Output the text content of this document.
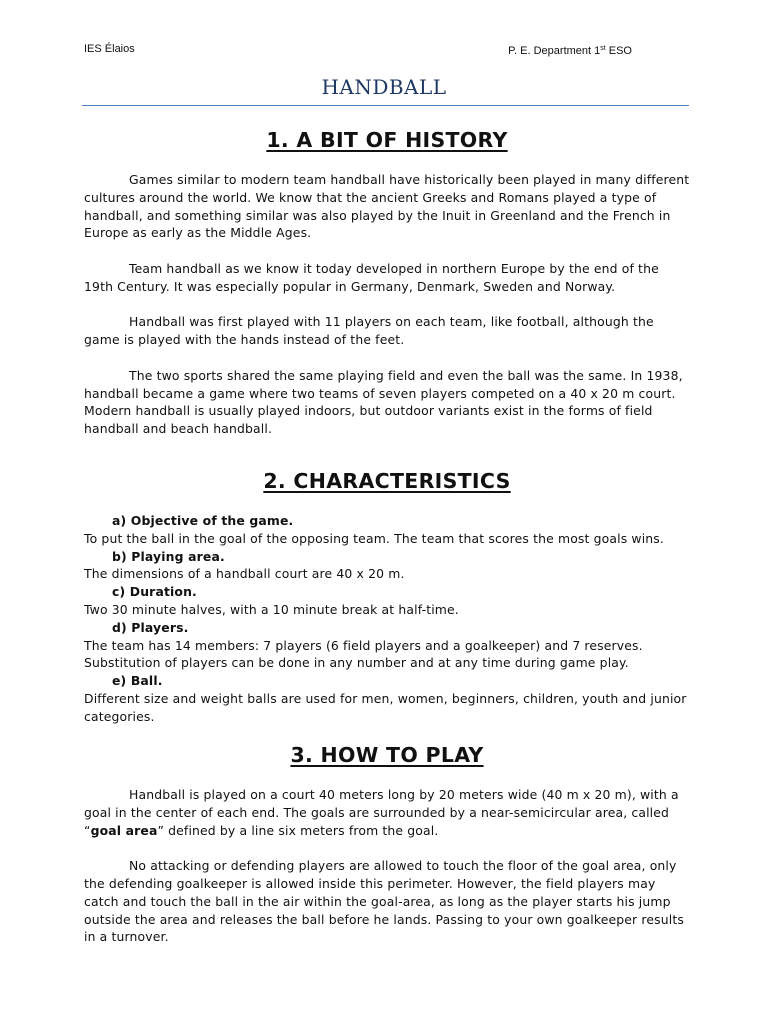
IES Élaios	P. E. Department 1st ESO
HANDBALL
1. A BIT OF HISTORY

Games similar to modern team handball have historically been played in many different cultures around the world. We know that the ancient Greeks and Romans played a type of handball, and something similar was also played by the Inuit in Greenland and the French in Europe as early as the Middle Ages.

Team handball as we know it today developed in northern Europe by the end of the 19th Century. It was especially popular in Germany, Denmark, Sweden and Norway.

Handball was first played with 11 players on each team, like football, although the game is played with the hands instead of the feet.

The two sports shared the same playing field and even the ball was the same. In 1938, handball became a game where two teams of seven players competed on a 40 x 20 m court. Modern handball is usually played indoors, but outdoor variants exist in the forms of field handball and beach handball.

2. CHARACTERISTICS
a) Objective of the game.

To put the ball in the goal of the opposing team. The team that scores the most goals wins.

b) Playing area.

The dimensions of a handball court are 40 x 20 m.

c) Duration.

Two 30 minute halves, with a 10 minute break at half-time.

d) Players.

The team has 14 members: 7 players (6 field players and a goalkeeper) and 7 reserves. Substitution of players can be done in any number and at any time during game play.

e) Ball.

Different size and weight balls are used for men, women, beginners, children, youth and junior categories.

3. HOW TO PLAY

Handball is played on a court 40 meters long by 20 meters wide (40 m x 20 m), with a goal in the center of each end. The goals are surrounded by a near-semicircular area, called “goal area” defined by a line six meters from the goal.

No attacking or defending players are allowed to touch the floor of the goal area, only the defending goalkeeper is allowed inside this perimeter. However, the field players may catch and touch the ball in the air within the goal-area, as long as the player starts his jump outside the area and releases the ball before he lands. Passing to your own goalkeeper results in a turnover.
